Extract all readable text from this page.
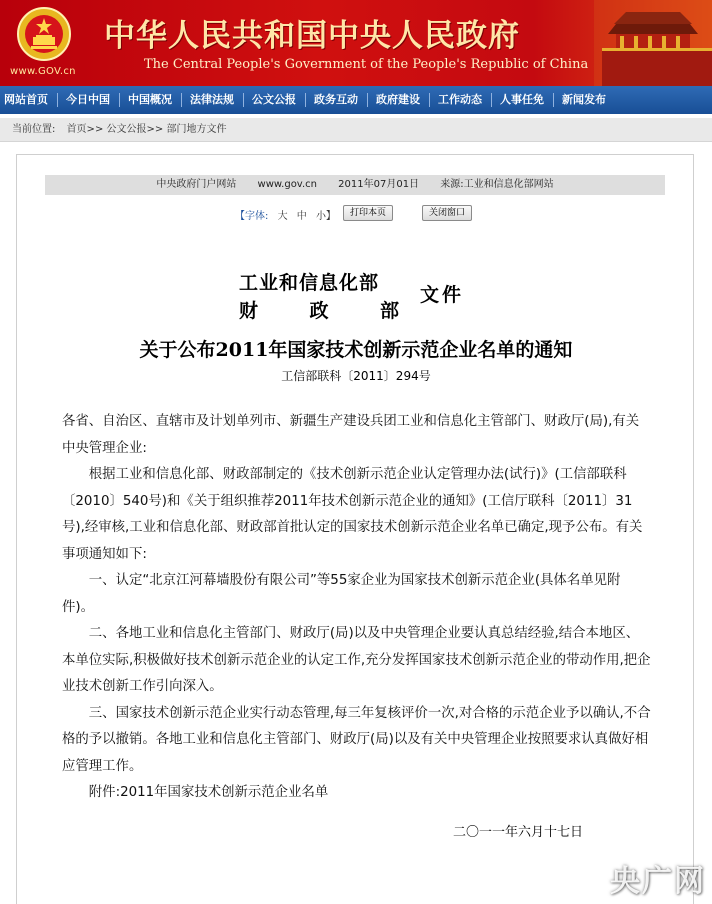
www.GOV.cn
中华人民共和国中央人民政府
The Central People's Government of the People's Republic of China
网站首页	今日中国	中国概况	法律法规	公文公报	政务互动	政府建设	工作动态	人事任免	新闻发布
当前位置: 首页>> 公文公报>> 部门地方文件
中央政府门户网站 www.gov.cn 2011年07月01日 来源:工业和信息化部网站
【字体: 大 中 小】	打印本页	关闭窗口
工业和信息化部
财	政	部
文件
关于公布2011年国家技术创新示范企业名单的通知
工信部联科〔2011〕294号

各省、自治区、直辖市及计划单列市、新疆生产建设兵团工业和信息化主管部门、财政厅(局),有关中央管理企业:

根据工业和信息化部、财政部制定的《技术创新示范企业认定管理办法(试行)》(工信部联科〔2010〕540号)和《关于组织推荐2011年技术创新示范企业的通知》(工信厅联科〔2011〕31号),经审核,工业和信息化部、财政部首批认定的国家技术创新示范企业名单已确定,现予公布。有关事项通知如下:

一、认定“北京江河幕墙股份有限公司”等55家企业为国家技术创新示范企业(具体名单见附件)。

二、各地工业和信息化主管部门、财政厅(局)以及中央管理企业要认真总结经验,结合本地区、本单位实际,积极做好技术创新示范企业的认定工作,充分发挥国家技术创新示范企业的带动作用,把企业技术创新工作引向深入。

三、国家技术创新示范企业实行动态管理,每三年复核评价一次,对合格的示范企业予以确认,不合格的予以撤销。各地工业和信息化主管部门、财政厅(局)以及有关中央管理企业按照要求认真做好相应管理工作。

附件:2011年国家技术创新示范企业名单

二〇一一年六月十七日
央广网
